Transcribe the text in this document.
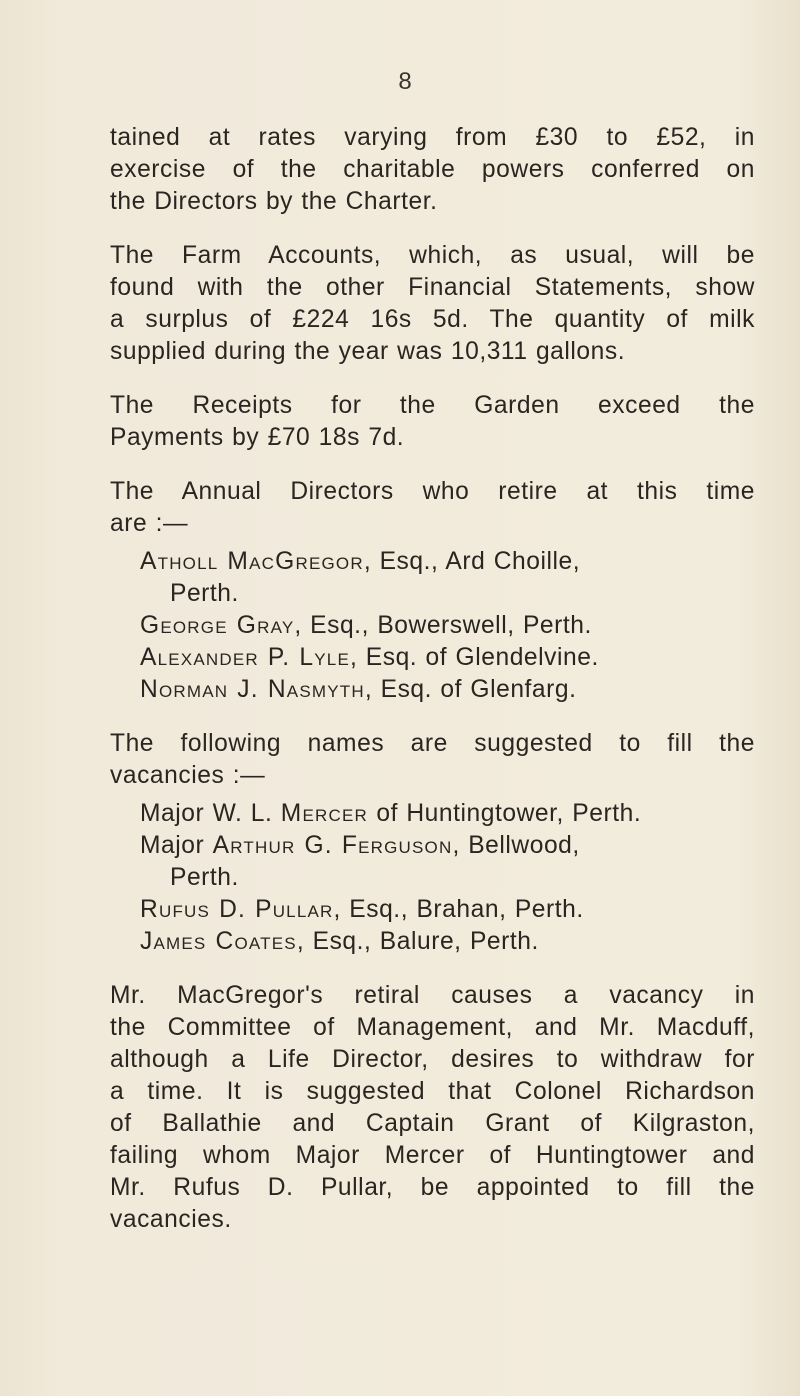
8
tained at rates varying from £30 to £52, in
exercise of the charitable powers conferred on
the Directors by the Charter.
The Farm Accounts, which, as usual, will be
found with the other Financial Statements, show
a surplus of £224 16s 5d. The quantity of milk
supplied during the year was 10,311 gallons.
The Receipts for the Garden exceed the
Payments by £70 18s 7d.
The Annual Directors who retire at this time
are :—
Atholl MacGregor, Esq., Ard Choille,
Perth.
George Gray, Esq., Bowerswell, Perth.
Alexander P. Lyle, Esq. of Glendelvine.
Norman J. Nasmyth, Esq. of Glenfarg.
The following names are suggested to fill the
vacancies :—
Major W. L. Mercer of Huntingtower, Perth.
Major Arthur G. Ferguson, Bellwood,
Perth.
Rufus D. Pullar, Esq., Brahan, Perth.
James Coates, Esq., Balure, Perth.
Mr. MacGregor's retiral causes a vacancy in
the Committee of Management, and Mr. Macduff,
although a Life Director, desires to withdraw for
a time. It is suggested that Colonel Richardson
of Ballathie and Captain Grant of Kilgraston,
failing whom Major Mercer of Huntingtower and
Mr. Rufus D. Pullar, be appointed to fill the
vacancies.
